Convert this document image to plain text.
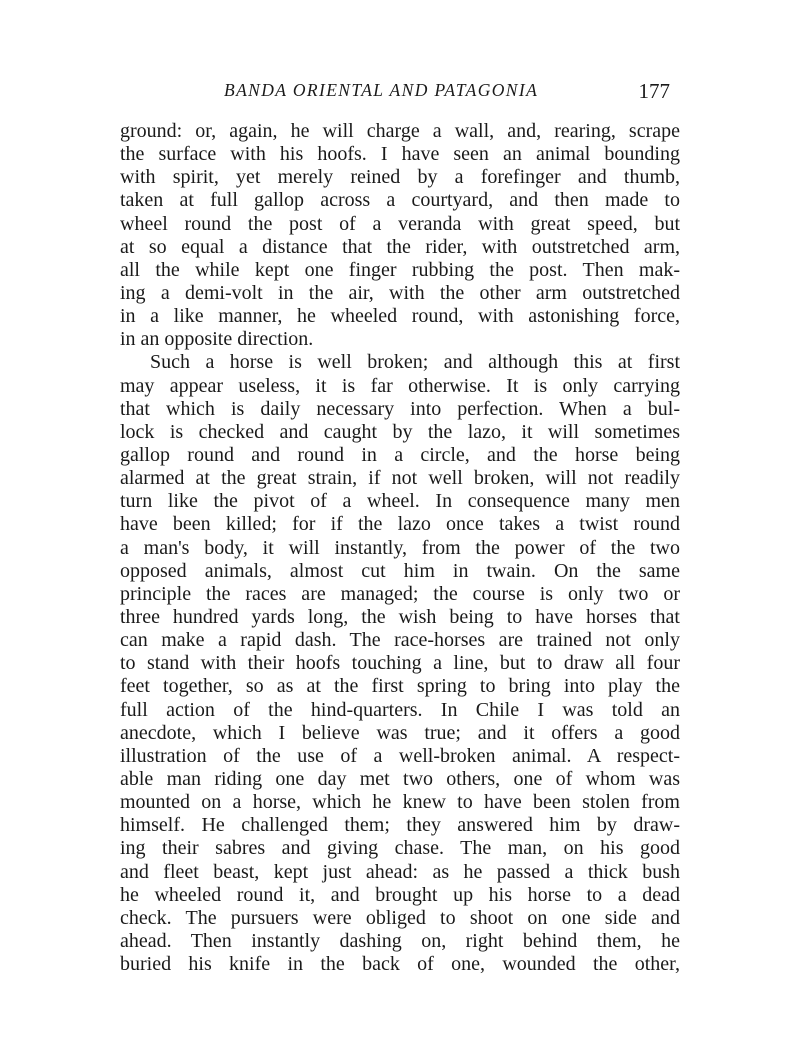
BANDA ORIENTAL AND PATAGONIA	177
ground: or, again, he will charge a wall, and, rearing, scrape
the surface with his hoofs. I have seen an animal bounding
with spirit, yet merely reined by a forefinger and thumb,
taken at full gallop across a courtyard, and then made to
wheel round the post of a veranda with great speed, but
at so equal a distance that the rider, with outstretched arm,
all the while kept one finger rubbing the post. Then mak-
ing a demi-volt in the air, with the other arm outstretched
in a like manner, he wheeled round, with astonishing force,
in an opposite direction.
Such a horse is well broken; and although this at first
may appear useless, it is far otherwise. It is only carrying
that which is daily necessary into perfection. When a bul-
lock is checked and caught by the lazo, it will sometimes
gallop round and round in a circle, and the horse being
alarmed at the great strain, if not well broken, will not readily
turn like the pivot of a wheel. In consequence many men
have been killed; for if the lazo once takes a twist round
a man's body, it will instantly, from the power of the two
opposed animals, almost cut him in twain. On the same
principle the races are managed; the course is only two or
three hundred yards long, the wish being to have horses that
can make a rapid dash. The race-horses are trained not only
to stand with their hoofs touching a line, but to draw all four
feet together, so as at the first spring to bring into play the
full action of the hind-quarters. In Chile I was told an
anecdote, which I believe was true; and it offers a good
illustration of the use of a well-broken animal. A respect-
able man riding one day met two others, one of whom was
mounted on a horse, which he knew to have been stolen from
himself. He challenged them; they answered him by draw-
ing their sabres and giving chase. The man, on his good
and fleet beast, kept just ahead: as he passed a thick bush
he wheeled round it, and brought up his horse to a dead
check. The pursuers were obliged to shoot on one side and
ahead. Then instantly dashing on, right behind them, he
buried his knife in the back of one, wounded the other,
